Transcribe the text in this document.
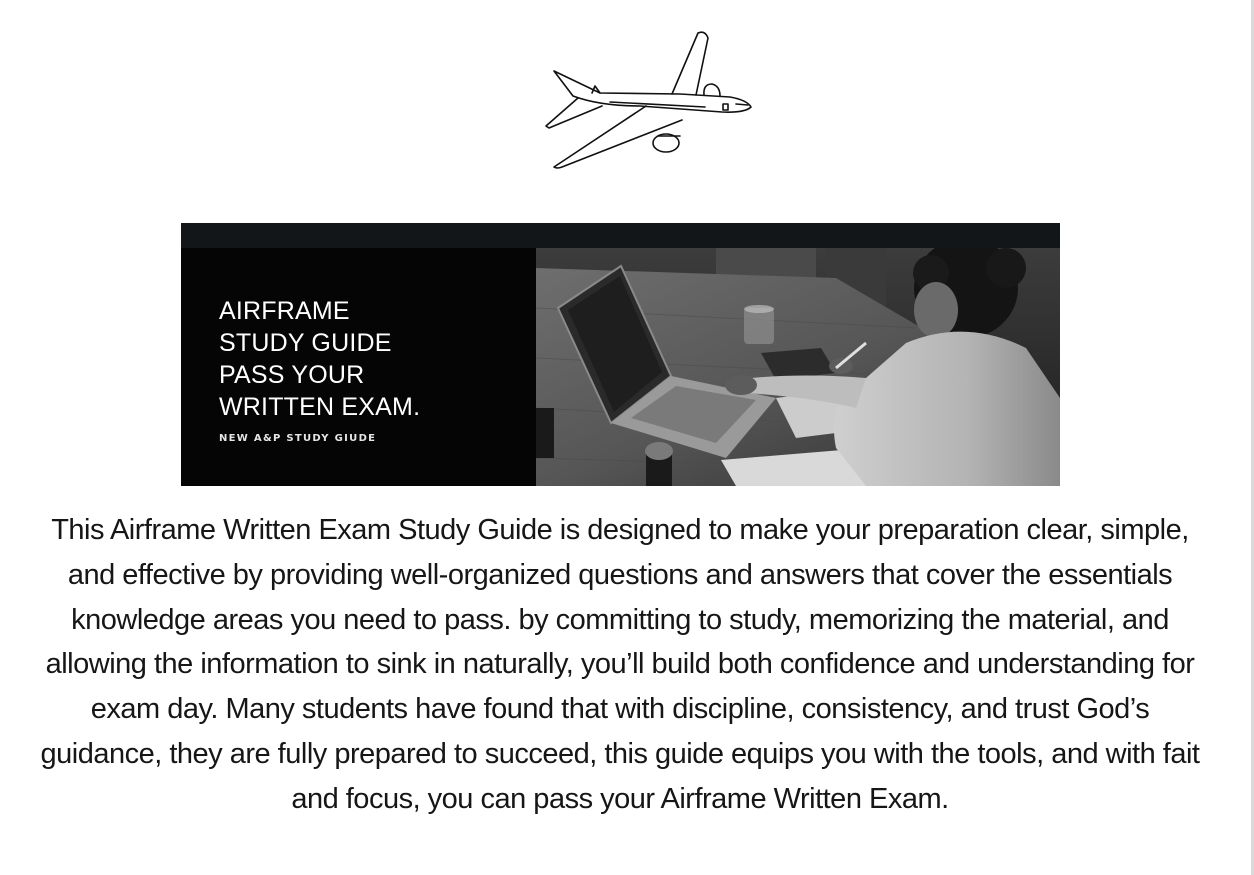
AIRFRAME
STUDY GUIDE
PASS YOUR
WRITTEN EXAM.
NEW A&P STUDY GIUDE

This Airframe Written Exam Study Guide is designed to make your preparation clear, simple, and effective by providing well-organized questions and answers that cover the essentials knowledge areas you need to pass. by committing to study, memorizing the material, and allowing the information to sink in naturally, you’ll build both confidence and understanding for exam day. Many students have found that with discipline, consistency, and trust God’s guidance, they are fully prepared to succeed, this guide equips you with the tools, and with fait and focus, you can pass your Airframe Written Exam.
